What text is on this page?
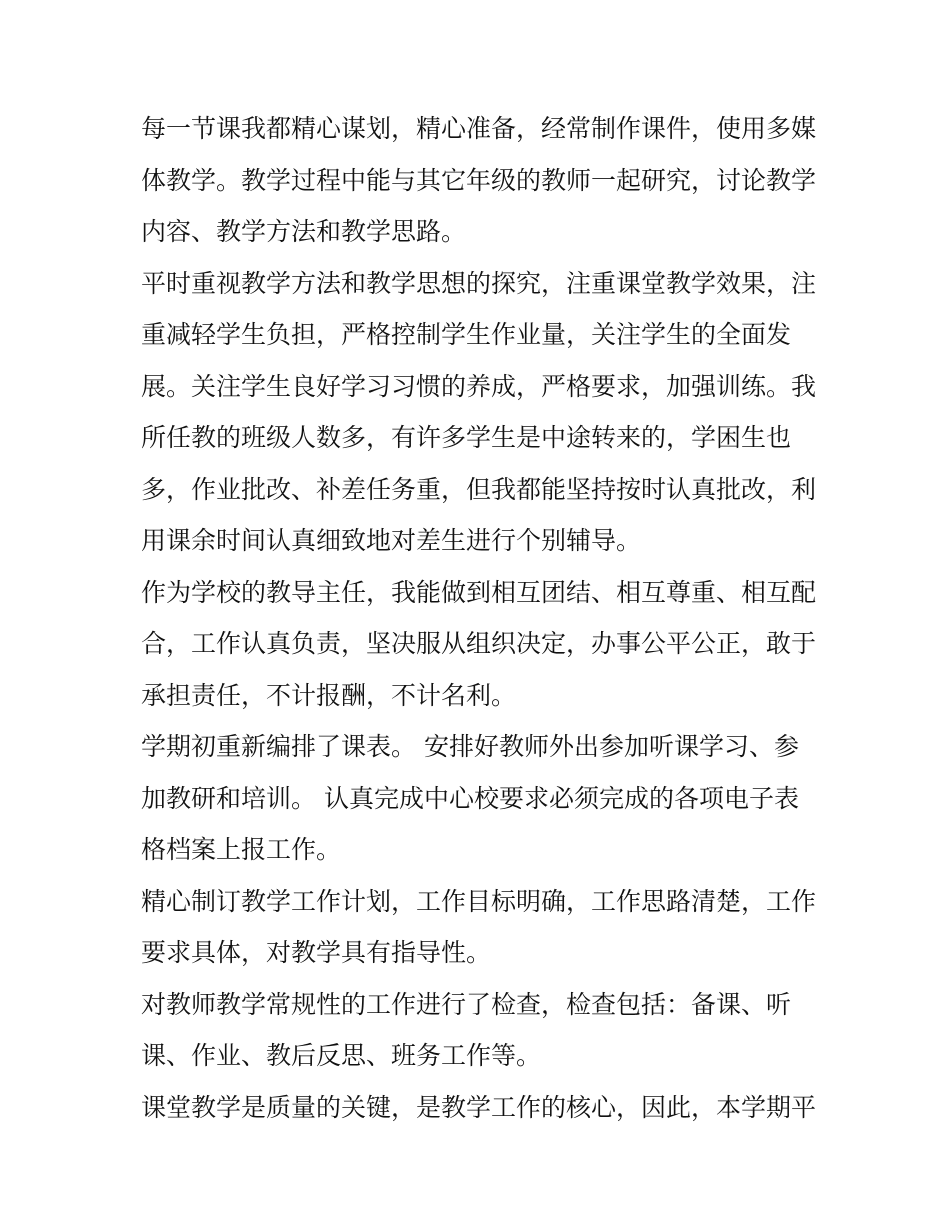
每一节课我都精心谋划，精心准备，经常制作课件，使用多媒
体教学。教学过程中能与其它年级的教师一起研究，讨论教学
内容、教学方法和教学思路。
平时重视教学方法和教学思想的探究，注重课堂教学效果，注
重减轻学生负担，严格控制学生作业量，关注学生的全面发
展。关注学生良好学习习惯的养成，严格要求，加强训练。我
所任教的班级人数多，有许多学生是中途转来的，学困生也
多，作业批改、补差任务重，但我都能坚持按时认真批改，利
用课余时间认真细致地对差生进行个别辅导。
作为学校的教导主任，我能做到相互团结、相互尊重、相互配
合，工作认真负责，坚决服从组织决定，办事公平公正，敢于
承担责任，不计报酬，不计名利。
学期初重新编排了课表。 安排好教师外出参加听课学习、参
加教研和培训。 认真完成中心校要求必须完成的各项电子表
格档案上报工作。
精心制订教学工作计划，工作目标明确，工作思路清楚，工作
要求具体，对教学具有指导性。
对教师教学常规性的工作进行了检查，检查包括：备课、听
课、作业、教后反思、班务工作等。
课堂教学是质量的关键，是教学工作的核心，因此，本学期平
